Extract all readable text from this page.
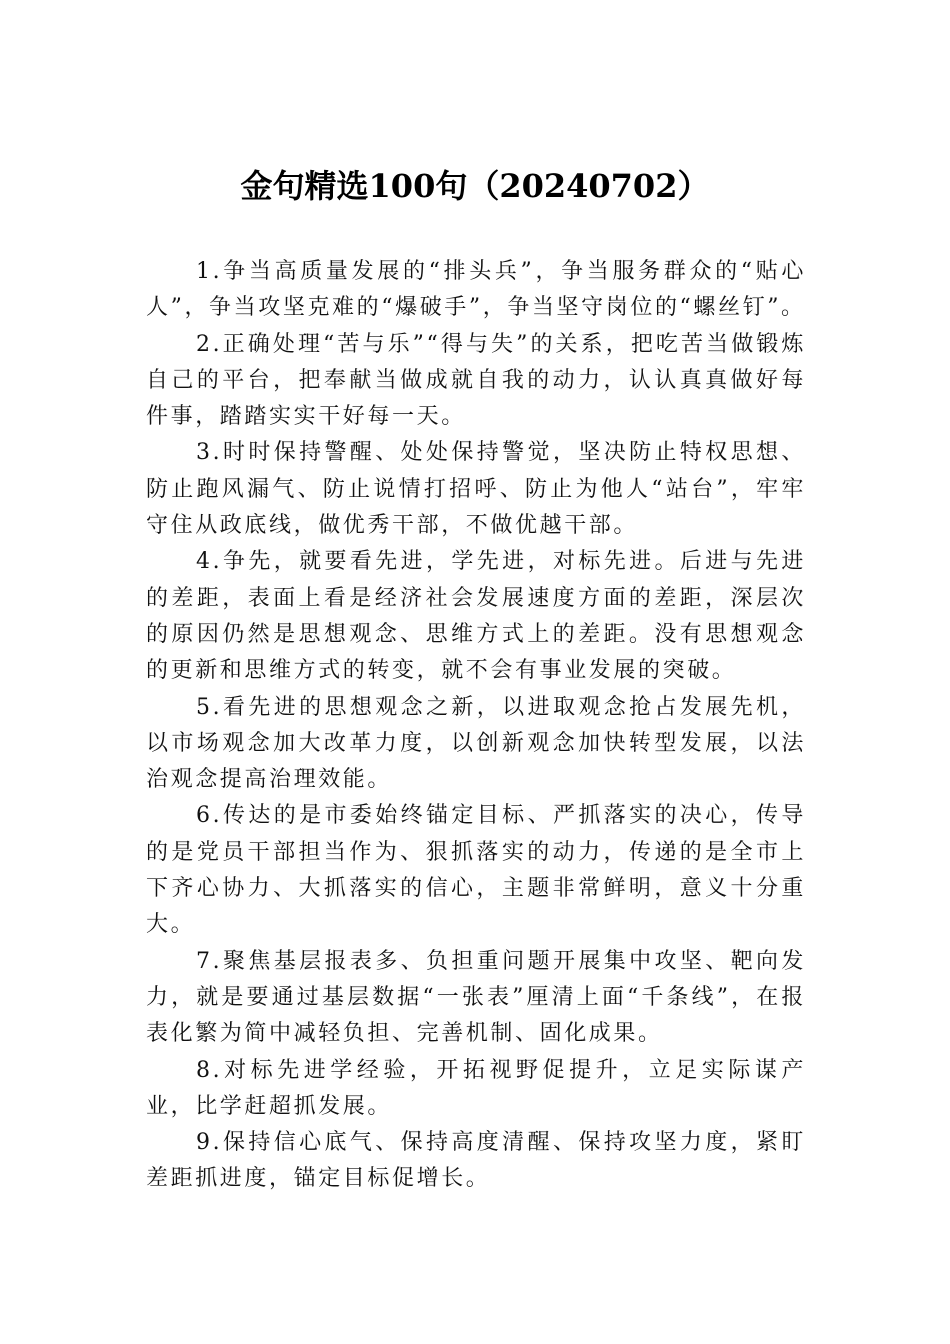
金句精选100句（20240702）

1.争当高质量发展的“排头兵”，争当服务群众的“贴心人”，争当攻坚克难的“爆破手”，争当坚守岗位的“螺丝钉”。

2.正确处理“苦与乐”“得与失”的关系，把吃苦当做锻炼自己的平台，把奉献当做成就自我的动力，认认真真做好每件事，踏踏实实干好每一天。

3.时时保持警醒、处处保持警觉，坚决防止特权思想、防止跑风漏气、防止说情打招呼、防止为他人“站台”，牢牢守住从政底线，做优秀干部，不做优越干部。

4.争先，就要看先进，学先进，对标先进。后进与先进的差距，表面上看是经济社会发展速度方面的差距，深层次的原因仍然是思想观念、思维方式上的差距。没有思想观念的更新和思维方式的转变，就不会有事业发展的突破。

5.看先进的思想观念之新，以进取观念抢占发展先机，以市场观念加大改革力度，以创新观念加快转型发展，以法治观念提高治理效能。

6.传达的是市委始终锚定目标、严抓落实的决心，传导的是党员干部担当作为、狠抓落实的动力，传递的是全市上下齐心协力、大抓落实的信心，主题非常鲜明，意义十分重大。

7.聚焦基层报表多、负担重问题开展集中攻坚、靶向发力，就是要通过基层数据“一张表”厘清上面“千条线”，在报表化繁为简中减轻负担、完善机制、固化成果。

8.对标先进学经验，开拓视野促提升，立足实际谋产业，比学赶超抓发展。

9.保持信心底气、保持高度清醒、保持攻坚力度，紧盯差距抓进度，锚定目标促增长。
